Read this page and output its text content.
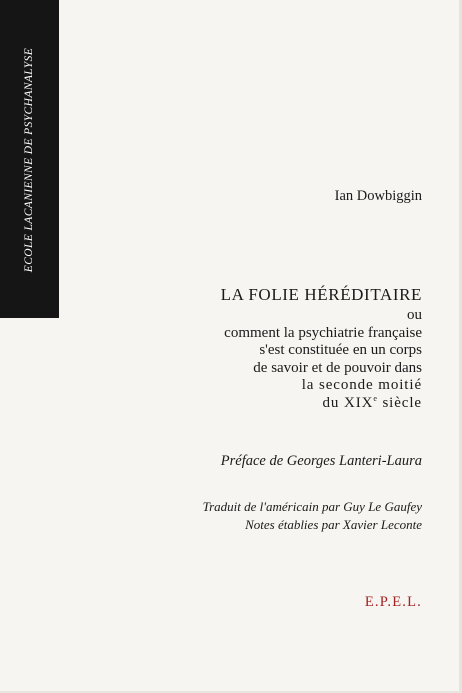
ECOLE LACANIENNE DE PSYCHANALYSE	Ian Dowbiggin

LA FOLIE HÉRÉDITAIRE

ou
comment la psychiatrie française
s'est constituée en un corps
de savoir et de pouvoir dans
la seconde moitié
du XIXe siècle

Préface de Georges Lanteri-Laura
Traduit de l'américain par Guy Le Gaufey
Notes établies par Xavier Leconte
E.P.E.L.
